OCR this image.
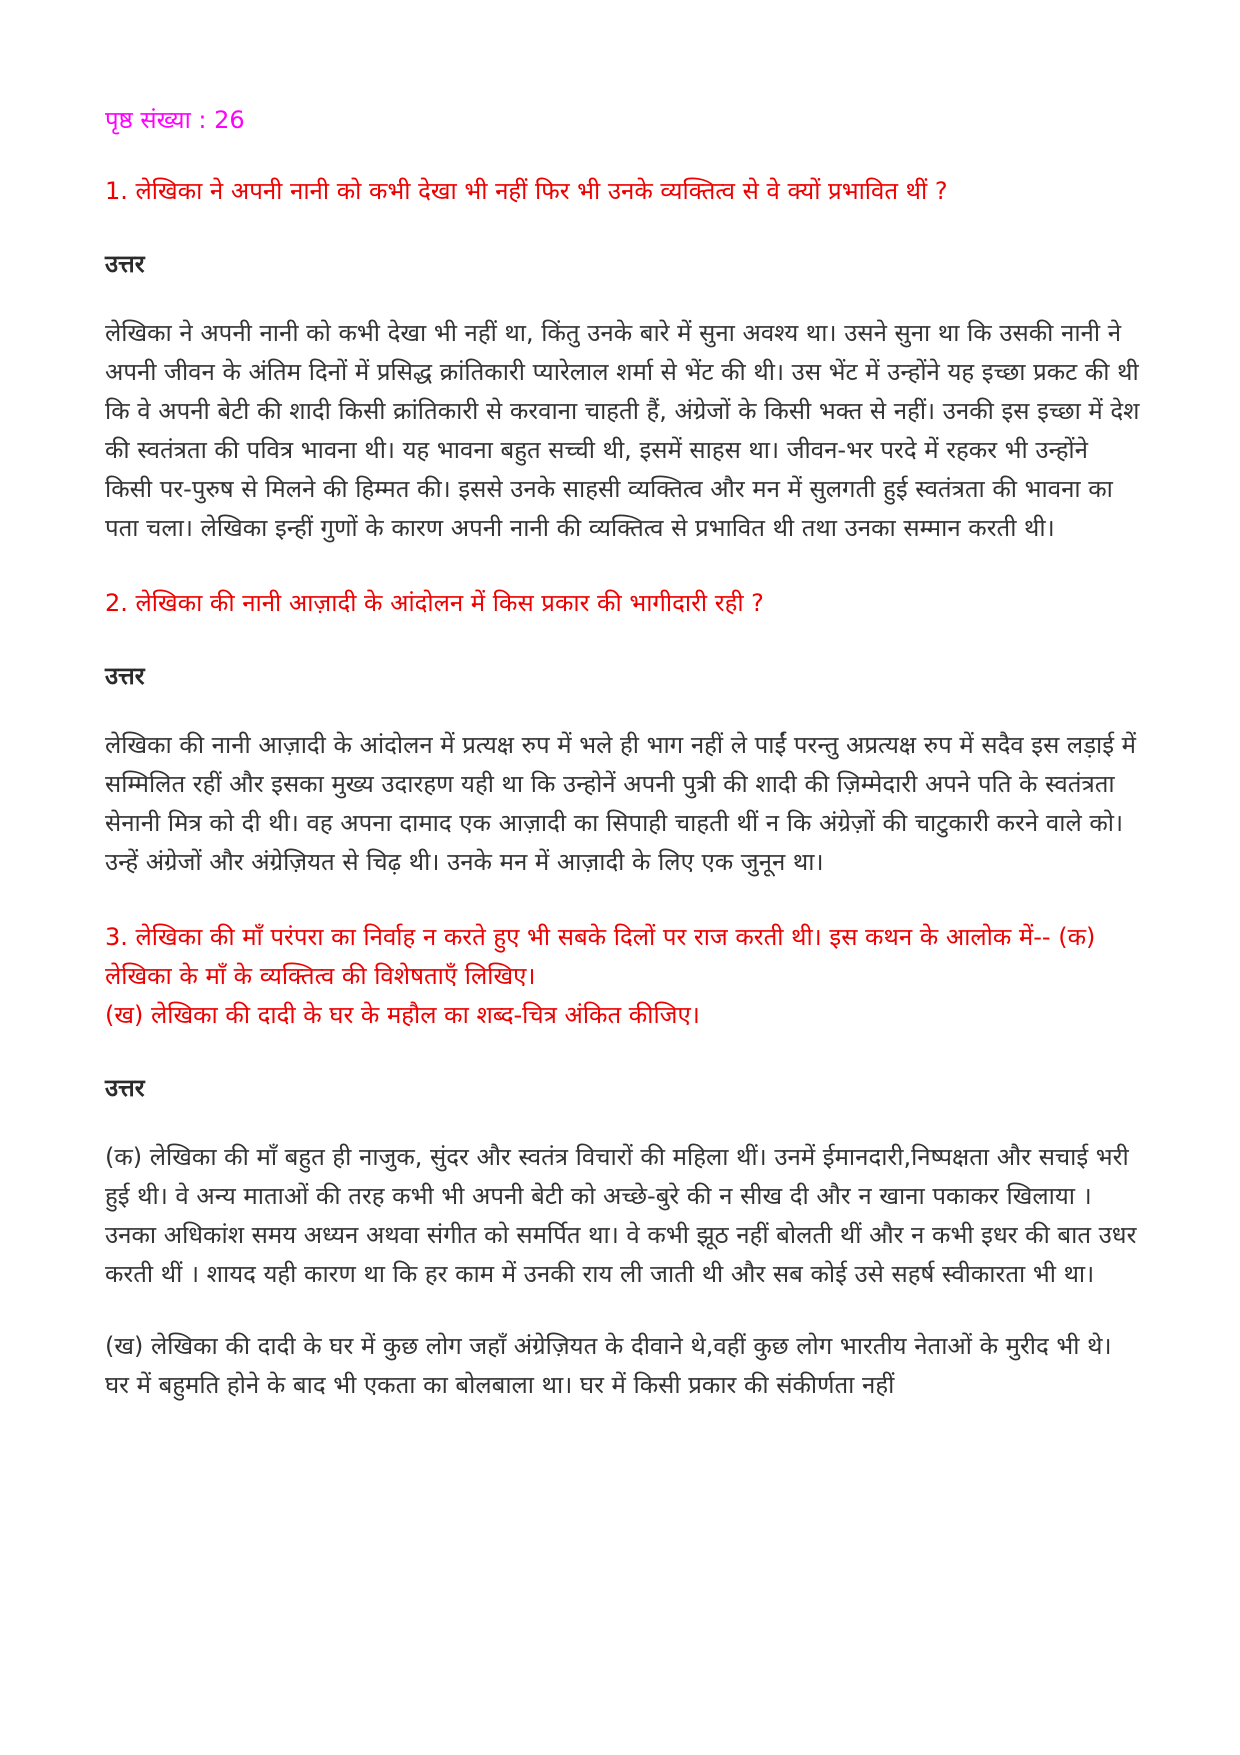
पृष्ठ संख्या : 26
1. लेखिका ने अपनी नानी को कभी देखा भी नहीं फिर भी उनके व्यक्तित्व से वे क्यों प्रभावित थीं ?
उत्तर

लेखिका ने अपनी नानी को कभी देखा भी नहीं था, किंतु उनके बारे में सुना अवश्य था। उसने सुना था कि उसकी नानी ने अपनी जीवन के अंतिम दिनों में प्रसिद्ध क्रांतिकारी प्यारेलाल शर्मा से भेंट की थी। उस भेंट में उन्होंने यह इच्छा प्रकट की थी कि वे अपनी बेटी की शादी किसी क्रांतिकारी से करवाना चाहती हैं, अंग्रेजों के किसी भक्त से नहीं। उनकी इस इच्छा में देश की स्वतंत्रता की पवित्र भावना थी। यह भावना बहुत सच्ची थी, इसमें साहस था। जीवन-भर परदे में रहकर भी उन्होंने किसी पर-पुरुष से मिलने की हिम्मत की। इससे उनके साहसी व्यक्तित्व और मन में सुलगती हुई स्वतंत्रता की भावना का पता चला। लेखिका इन्हीं गुणों के कारण अपनी नानी की व्यक्तित्व से प्रभावित थी तथा उनका सम्मान करती थी।

2. लेखिका की नानी आज़ादी के आंदोलन में किस प्रकार की भागीदारी रही ?
उत्तर

लेखिका की नानी आज़ादी के आंदोलन में प्रत्यक्ष रुप में भले ही भाग नहीं ले पाईं परन्तु अप्रत्यक्ष रुप में सदैव इस लड़ाई में सम्मिलित रहीं और इसका मुख्य उदारहण यही था कि उन्होनें अपनी पुत्री की शादी की ज़िम्मेदारी अपने पति के स्वतंत्रता सेनानी मित्र को दी थी। वह अपना दामाद एक आज़ादी का सिपाही चाहती थीं न कि अंग्रेज़ों की चाटुकारी करने वाले को। उन्हें अंग्रेजों और अंग्रेज़ियत से चिढ़ थी। उनके मन में आज़ादी के लिए एक जुनून था।

3. लेखिका की माँ परंपरा का निर्वाह न करते हुए भी सबके दिलों पर राज करती थी। इस कथन के आलोक में-- (क) लेखिका के माँ के व्यक्तित्व की विशेषताएँ लिखिए।
(ख) लेखिका की दादी के घर के महौल का शब्द-चित्र अंकित कीजिए।
उत्तर

(क) लेखिका की माँ बहुत ही नाजुक, सुंदर और स्वतंत्र विचारों की महिला थीं। उनमें ईमानदारी,निष्पक्षता और सचाई भरी हुई थी। वे अन्य माताओं की तरह कभी भी अपनी बेटी को अच्छे-बुरे की न सीख दी और न खाना पकाकर खिलाया । उनका अधिकांश समय अध्यन अथवा संगीत को समर्पित था। वे कभी झूठ नहीं बोलती थीं और न कभी इधर की बात उधर करती थीं । शायद यही कारण था कि हर काम में उनकी राय ली जाती थी और सब कोई उसे सहर्ष स्वीकारता भी था।

(ख) लेखिका की दादी के घर में कुछ लोग जहाँ अंग्रेज़ियत के दीवाने थे,वहीं कुछ लोग भारतीय नेताओं के मुरीद भी थे। घर में बहुमति होने के बाद भी एकता का बोलबाला था। घर में किसी प्रकार की संकीर्णता नहीं
